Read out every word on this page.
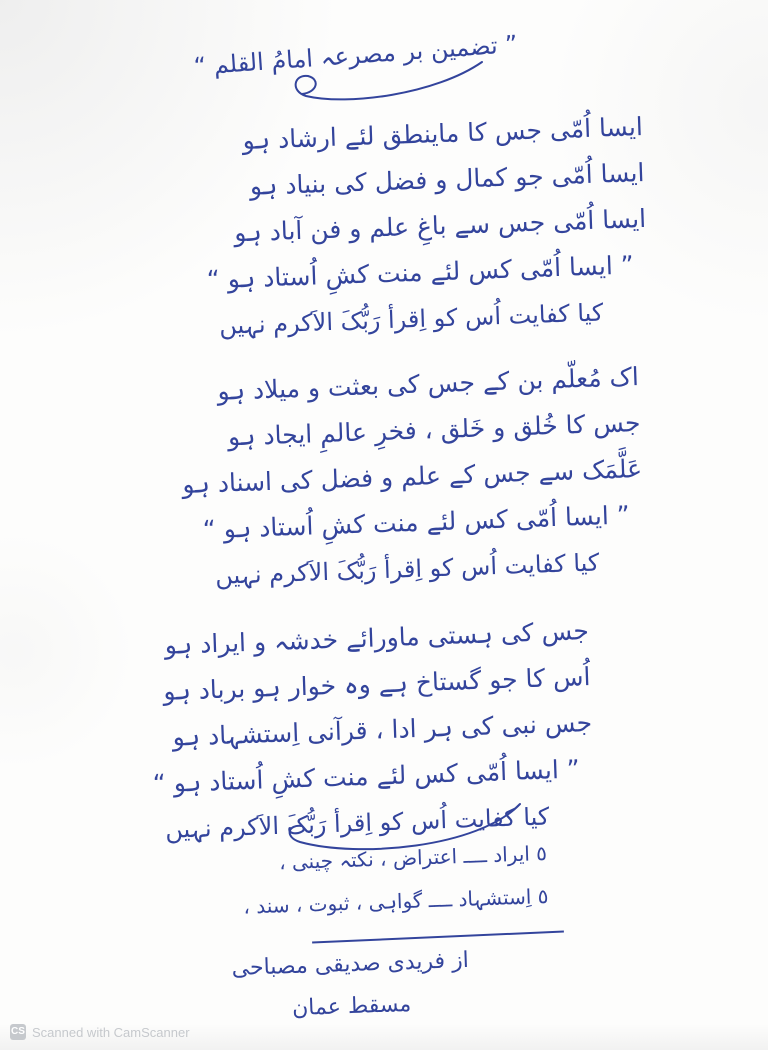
” تضمین بر مصرعہ امامُ القلم “
ایسا اُمّی جس کا ماینطق لئے ارشاد ہو
ایسا اُمّی جو کمال و فضل کی بنیاد ہو
ایسا اُمّی جس سے باغِ علم و فن آباد ہو
” ایسا اُمّی کس لئے منت کشِ اُستاد ہو “
کیا کفایت اُس کو اِقرأ رَبُّکَ الاَکرم نہیں
اک مُعلّم بن کے جس کی بعثت و میلاد ہو
جس کا خُلق و خَلق ، فخرِ عالمِ ایجاد ہو
عَلَّمَک سے جس کے علم و فضل کی اسناد ہو
” ایسا اُمّی کس لئے منت کشِ اُستاد ہو “
کیا کفایت اُس کو اِقرأ رَبُّکَ الاَکرم نہیں
جس کی ہستی ماورائے خدشہ و ایراد ہو
اُس کا جو گستاخ ہے وہ خوار ہو برباد ہو
جس نبی کی ہر ادا ، قرآنی اِستشہاد ہو
” ایسا اُمّی کس لئے منت کشِ اُستاد ہو “
کیا کفایت اُس کو اِقرأ رَبُّکَ الاَکرم نہیں
٥ ایراد ــــ اعتراض ، نکتہ چینی ،
٥ اِستشہاد ــــ گواہی ، ثبوت ، سند ،
از فریدی صدیقی مصباحی
مسقط عمان
CS Scanned with CamScanner
